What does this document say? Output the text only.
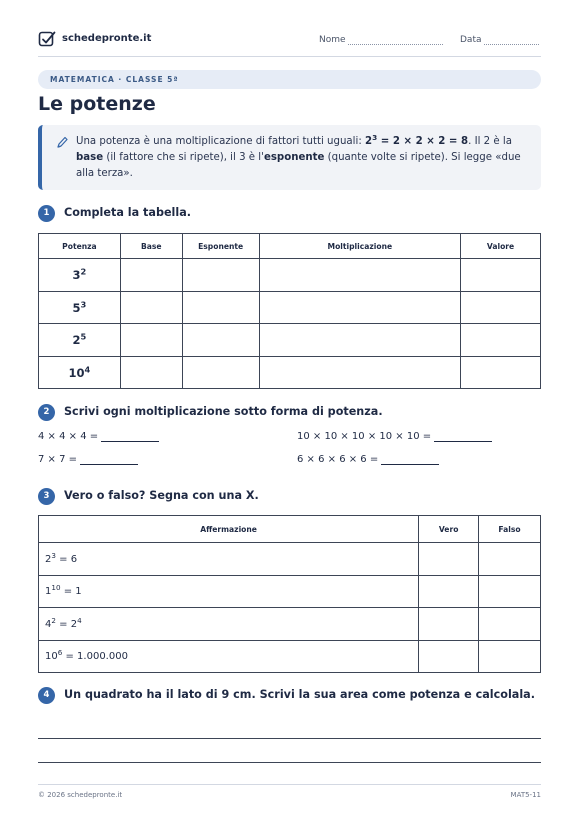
schedepronte.it	Nome	Data
MATEMATICA · CLASSE 5ª
Le potenze
Una potenza è una moltiplicazione di fattori tutti uguali: $2^3 = 2 \times 2 \times 2 = 8$. Il 2 è la base (il fattore che si ripete), il 3 è l'esponente (quante volte si ripete). Si legge «due alla terza».
1	Completa la tabella.
Potenza	Base	Esponente	Moltiplicazione	Valore
$3^2$				
$5^3$				
$2^5$				
$10^4$				
2	Scrivi ogni moltiplicazione sotto forma di potenza.
4 × 4 × 4 =	10 × 10 × 10 × 10 × 10 =
7 × 7 =	6 × 6 × 6 × 6 =
3	Vero o falso? Segna con una X.
Affermazione	Vero	Falso
$2^3 = 6$		
$1^{10} = 1$		
$4^2 = 2^4$		
$10^6 = 1.000.000$		
4	Un quadrato ha il lato di 9 cm. Scrivi la sua area come potenza e calcolala.
© 2026 schedepronte.it	MAT5-11
